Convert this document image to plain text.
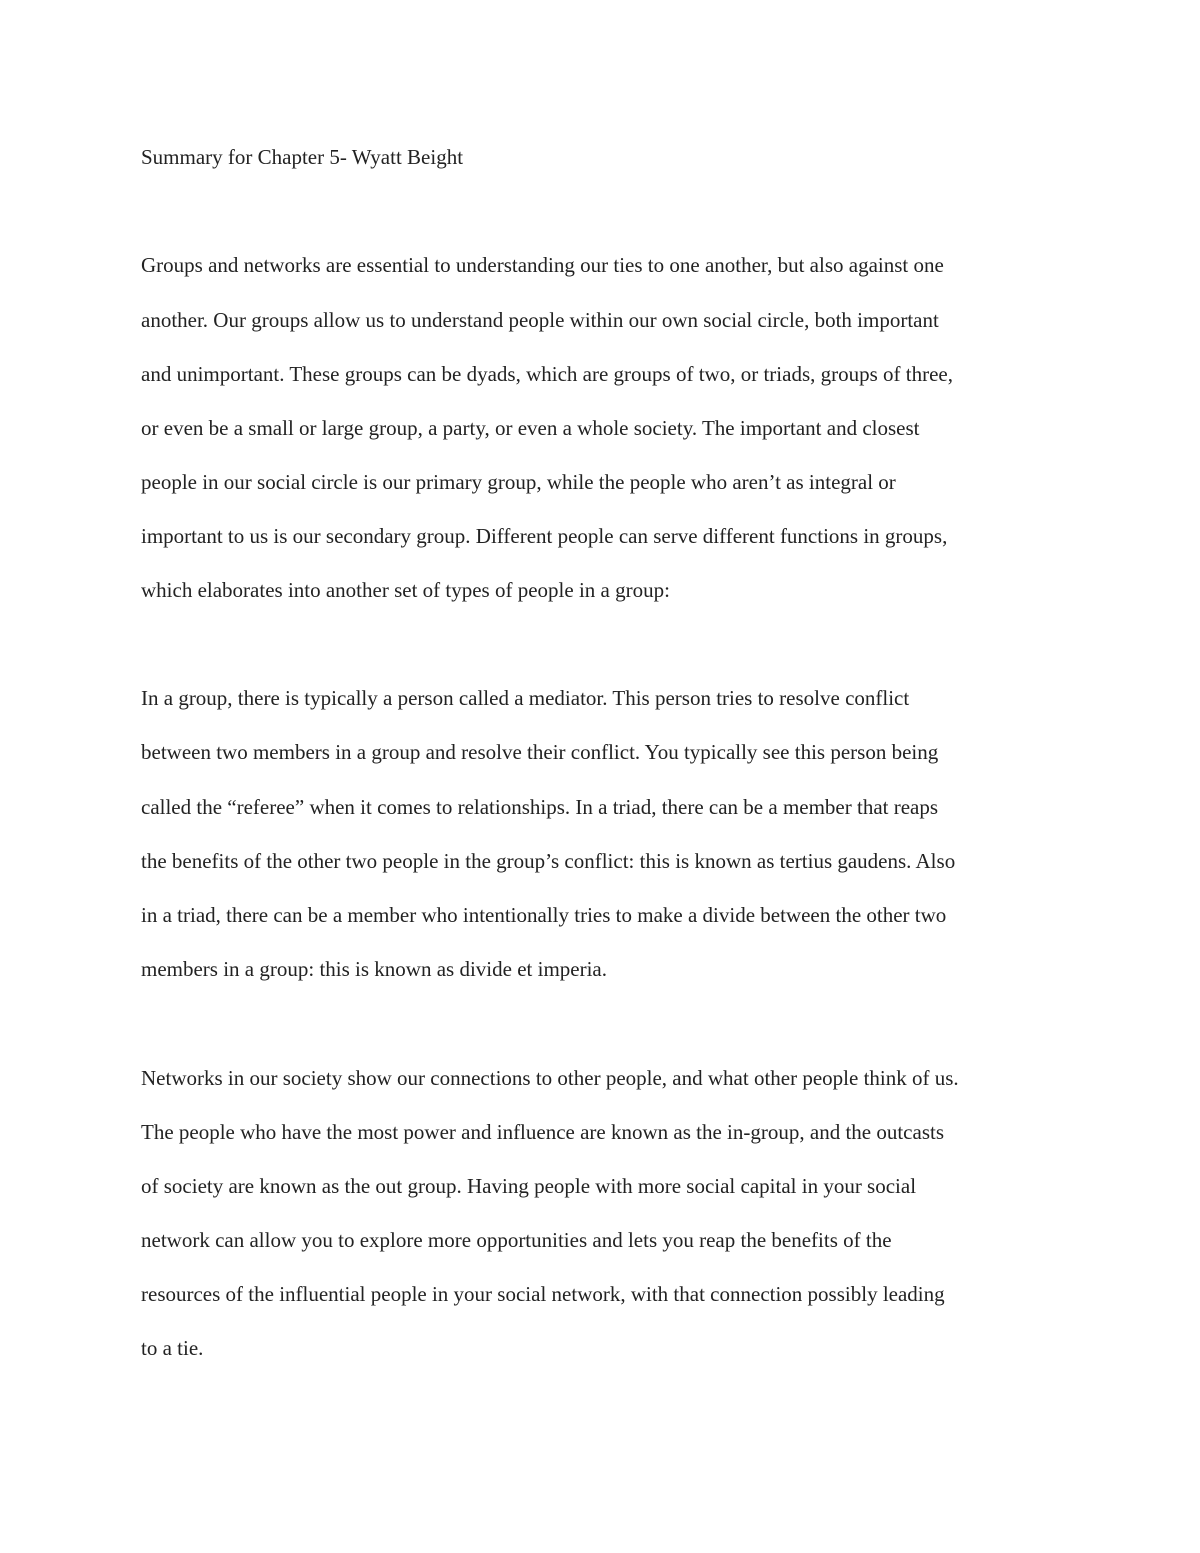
Summary for Chapter 5- Wyatt Beight
Groups and networks are essential to understanding our ties to one another, but also against one
another. Our groups allow us to understand people within our own social circle, both important
and unimportant. These groups can be dyads, which are groups of two, or triads, groups of three,
or even be a small or large group, a party, or even a whole society. The important and closest
people in our social circle is our primary group, while the people who aren’t as integral or
important to us is our secondary group. Different people can serve different functions in groups,
which elaborates into another set of types of people in a group:
In a group, there is typically a person called a mediator. This person tries to resolve conflict
between two members in a group and resolve their conflict. You typically see this person being
called the “referee” when it comes to relationships. In a triad, there can be a member that reaps
the benefits of the other two people in the group’s conflict: this is known as tertius gaudens. Also
in a triad, there can be a member who intentionally tries to make a divide between the other two
members in a group: this is known as divide et imperia.
Networks in our society show our connections to other people, and what other people think of us.
The people who have the most power and influence are known as the in-group, and the outcasts
of society are known as the out group. Having people with more social capital in your social
network can allow you to explore more opportunities and lets you reap the benefits of the
resources of the influential people in your social network, with that connection possibly leading
to a tie.
